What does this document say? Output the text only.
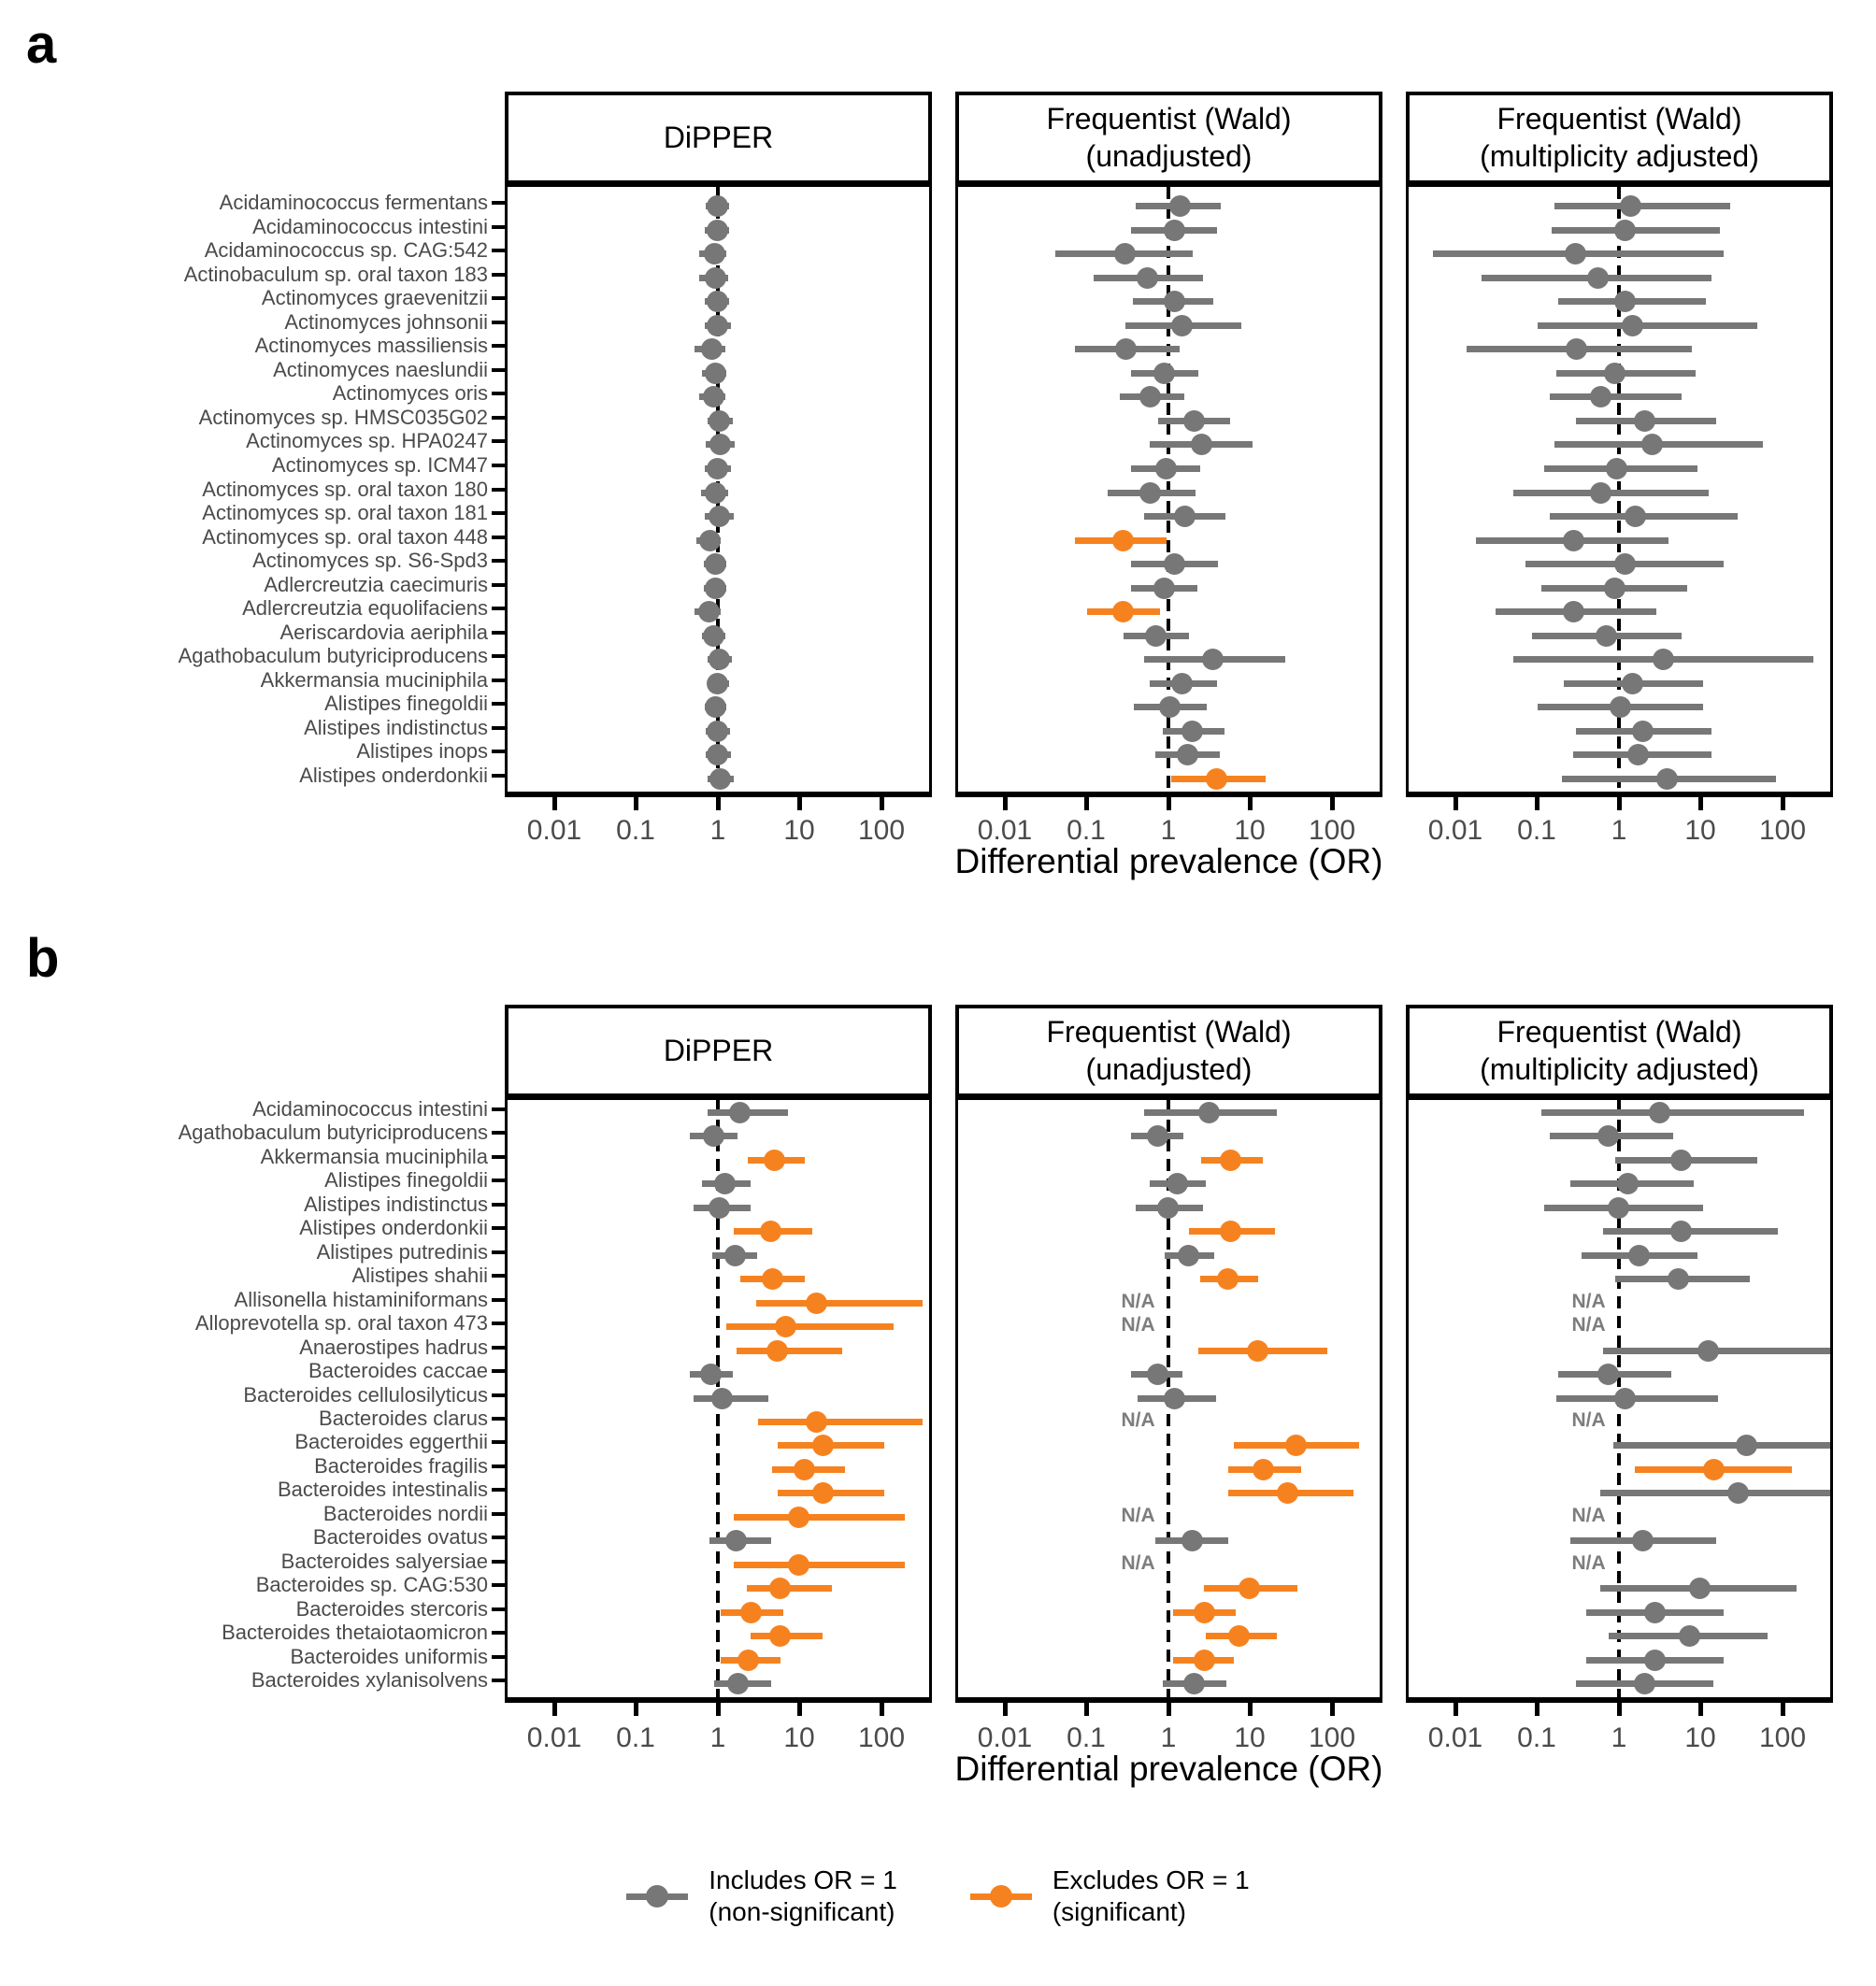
a
b
Acidaminococcus fermentans
Acidaminococcus intestini
Acidaminococcus sp. CAG:542
Actinobaculum sp. oral taxon 183
Actinomyces graevenitzii
Actinomyces johnsonii
Actinomyces massiliensis
Actinomyces naeslundii
Actinomyces oris
Actinomyces sp. HMSC035G02
Actinomyces sp. HPA0247
Actinomyces sp. ICM47
Actinomyces sp. oral taxon 180
Actinomyces sp. oral taxon 181
Actinomyces sp. oral taxon 448
Actinomyces sp. S6-Spd3
Adlercreutzia caecimuris
Adlercreutzia equolifaciens
Aeriscardovia aeriphila
Agathobaculum butyriciproducens
Akkermansia muciniphila
Alistipes finegoldii
Alistipes indistinctus
Alistipes inops
Alistipes onderdonkii
DiPPER
0.01	0.1	1	10	100
Frequentist (Wald)
(unadjusted)
0.01	0.1	1	10	100
Frequentist (Wald)
(multiplicity adjusted)
0.01	0.1	1	10	100
Acidaminococcus intestini
Agathobaculum butyriciproducens
Akkermansia muciniphila
Alistipes finegoldii
Alistipes indistinctus
Alistipes onderdonkii
Alistipes putredinis
Alistipes shahii
Allisonella histaminiformans
Alloprevotella sp. oral taxon 473
Anaerostipes hadrus
Bacteroides caccae
Bacteroides cellulosilyticus
Bacteroides clarus
Bacteroides eggerthii
Bacteroides fragilis
Bacteroides intestinalis
Bacteroides nordii
Bacteroides ovatus
Bacteroides salyersiae
Bacteroides sp. CAG:530
Bacteroides stercoris
Bacteroides thetaiotaomicron
Bacteroides uniformis
Bacteroides xylanisolvens
DiPPER
0.01	0.1	1	10	100
Frequentist (Wald)
(unadjusted)
N/A
N/A
N/A
N/A
N/A
0.01	0.1	1	10	100
Frequentist (Wald)
(multiplicity adjusted)
N/A
N/A
N/A
N/A
N/A
0.01	0.1	1	10	100
Differential prevalence (OR)
Differential prevalence (OR)
Includes OR = 1
(non-significant)
Excludes OR = 1
(significant)
